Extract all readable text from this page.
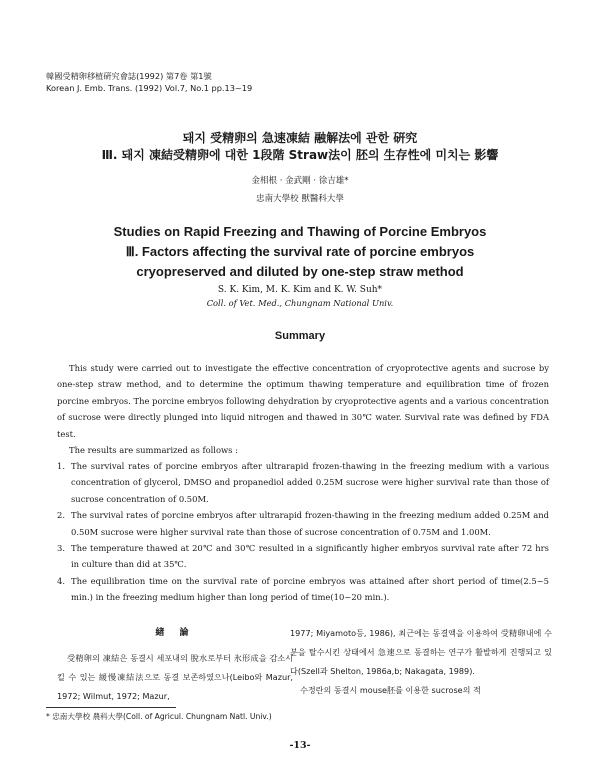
韓國受精卵移植硏究會誌(1992) 第7卷 第1號
Korean J. Emb. Trans. (1992) Vol.7, No.1 pp.13~19
돼지 受精卵의 急速凍結 融解法에 관한 硏究
Ⅲ. 돼지 凍結受精卵에 대한 1段階 Straw法이 胚의 生存性에 미치는 影響
金相根 · 金武剛 · 徐吉雄*
忠南大學校 獸醫科大學
Studies on Rapid Freezing and Thawing of Porcine Embryos
Ⅲ. Factors affecting the survival rate of porcine embryos
cryopreserved and diluted by one-step straw method
S. K. Kim, M. K. Kim and K. W. Suh*
Coll. of Vet. Med., Chungnam National Univ.
Summary
This study were carried out to investigate the effective concentration of cryoprotective agents and sucrose by one-step straw method, and to determine the optimum thawing temperature and equilibration time of frozen porcine embryos. The porcine embryos following dehydration by cryoprotective agents and a various concentration of sucrose were directly plunged into liquid nitrogen and thawed in 30℃ water. Survival rate was defined by FDA test.
The results are summarized as follows :
1. The survival rates of porcine embryos after ultrarapid frozen-thawing in the freezing medium with a various concentration of glycerol, DMSO and propanediol added 0.25M sucrose were higher survival rate than those of sucrose concentration of 0.50M.
2. The survival rates of porcine embryos after ultrarapid frozen-thawing in the freezing medium added 0.25M and 0.50M sucrose were higher survival rate than those of sucrose concentration of 0.75M and 1.00M.
3. The temperature thawed at 20℃ and 30℃ resulted in a significantly higher embryos survival rate after 72 hrs in culture than did at 35℃.
4. The equilibration time on the survival rate of porcine embryos was attained after short period of time(2.5~5 min.) in the freezing medium higher than long period of time(10~20 min.).
緖 論

受精卵의 凍結은 동결시 세포내의 脫水로부터 氷形成을 감소시킬 수 있는 緩慢凍結法으로 동결 보존하였으나(Leibo와 Mazur, 1972; Wilmut, 1972; Mazur,

1977; Miyamoto등, 1986), 최근에는 동결액을 이용하여 受精卵내에 수분을 탈수시킨 상태에서 急速으로 동결하는 연구가 활발하게 진행되고 있다(Szell과 Shelton, 1986a,b; Nakagata, 1989).

수정란의 동결시 mouse胚를 이용한 sucrose의 적

* 忠南大學校 農科大學(Coll. of Agricul. Chungnam Natl. Univ.)
-13-
